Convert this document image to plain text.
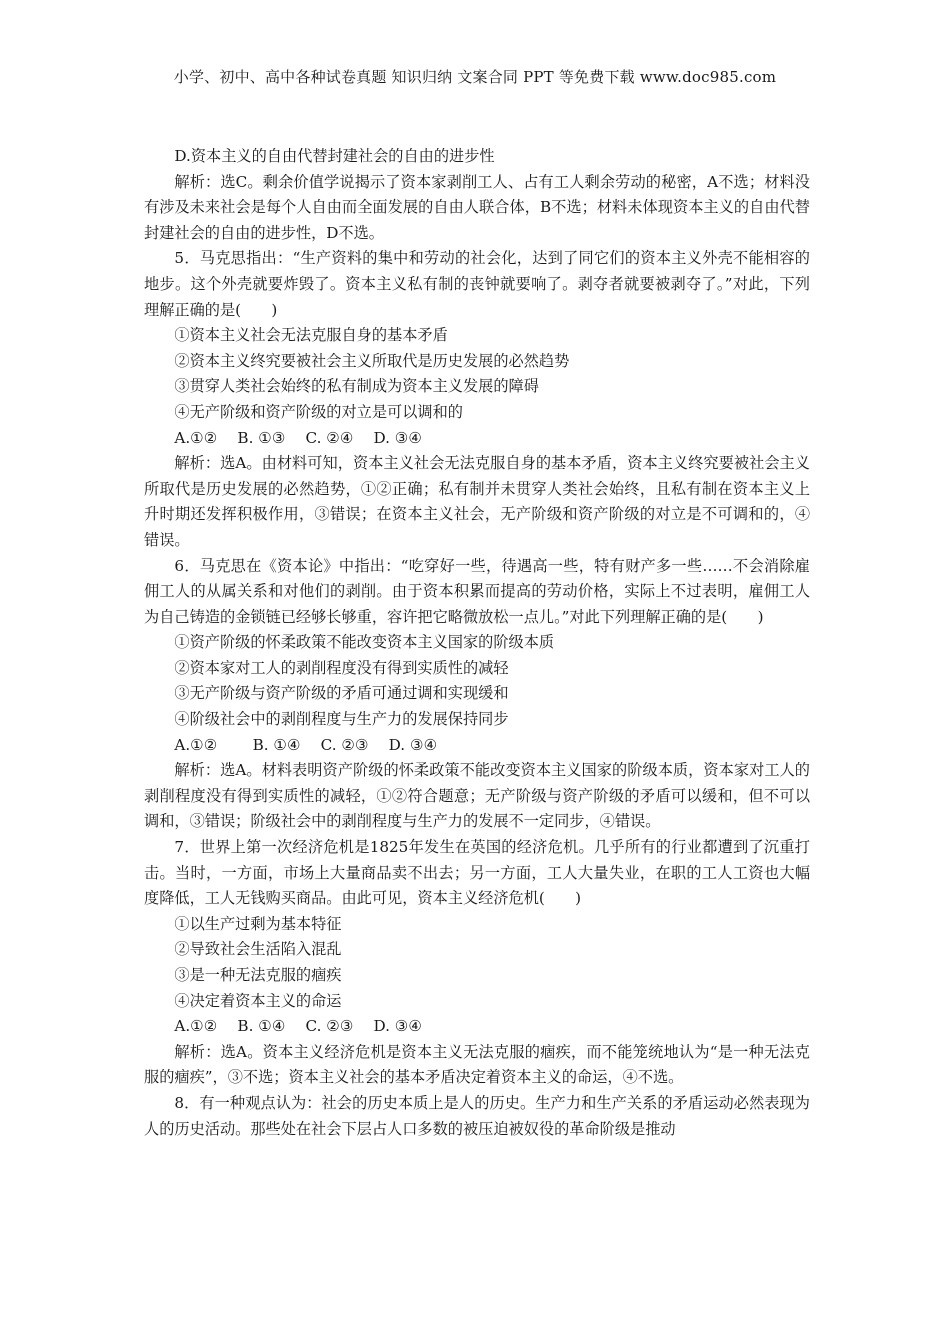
小学、初中、高中各种试卷真题 知识归纳 文案合同 PPT 等免费下载 www.doc985.com

D.资本主义的自由代替封建社会的自由的进步性

解析：选C。剩余价值学说揭示了资本家剥削工人、占有工人剩余劳动的秘密，A不选；材料没有涉及未来社会是每个人自由而全面发展的自由人联合体，B不选；材料未体现资本主义的自由代替封建社会的自由的进步性，D不选。

5．马克思指出：“生产资料的集中和劳动的社会化，达到了同它们的资本主义外壳不能相容的地步。这个外壳就要炸毁了。资本主义私有制的丧钟就要响了。剥夺者就要被剥夺了。”对此，下列理解正确的是(　　)

①资本主义社会无法克服自身的基本矛盾

②资本主义终究要被社会主义所取代是历史发展的必然趋势

③贯穿人类社会始终的私有制成为资本主义发展的障碍

④无产阶级和资产阶级的对立是可以调和的

A.①②　 B. ①③　 C. ②④　 D. ③④

解析：选A。由材料可知，资本主义社会无法克服自身的基本矛盾，资本主义终究要被社会主义所取代是历史发展的必然趋势，①②正确；私有制并未贯穿人类社会始终，且私有制在资本主义上升时期还发挥积极作用，③错误；在资本主义社会，无产阶级和资产阶级的对立是不可调和的，④错误。

6．马克思在《资本论》中指出：“吃穿好一些，待遇高一些，特有财产多一些……不会消除雇佣工人的从属关系和对他们的剥削。由于资本积累而提高的劳动价格，实际上不过表明，雇佣工人为自己铸造的金锁链已经够长够重，容许把它略微放松一点儿。”对此下列理解正确的是(　　)

①资产阶级的怀柔政策不能改变资本主义国家的阶级本质

②资本家对工人的剥削程度没有得到实质性的减轻

③无产阶级与资产阶级的矛盾可通过调和实现缓和

④阶级社会中的剥削程度与生产力的发展保持同步

A.①②　　 B. ①④　 C. ②③　 D. ③④

解析：选A。材料表明资产阶级的怀柔政策不能改变资本主义国家的阶级本质，资本家对工人的剥削程度没有得到实质性的减轻，①②符合题意；无产阶级与资产阶级的矛盾可以缓和，但不可以调和，③错误；阶级社会中的剥削程度与生产力的发展不一定同步，④错误。

7．世界上第一次经济危机是1825年发生在英国的经济危机。几乎所有的行业都遭到了沉重打击。当时，一方面，市场上大量商品卖不出去；另一方面，工人大量失业，在职的工人工资也大幅度降低，工人无钱购买商品。由此可见，资本主义经济危机(　　)

①以生产过剩为基本特征

②导致社会生活陷入混乱

③是一种无法克服的痼疾

④决定着资本主义的命运

A.①②　 B. ①④　 C. ②③　 D. ③④

解析：选A。资本主义经济危机是资本主义无法克服的痼疾，而不能笼统地认为“是一种无法克服的痼疾”，③不选；资本主义社会的基本矛盾决定着资本主义的命运，④不选。

8．有一种观点认为：社会的历史本质上是人的历史。生产力和生产关系的矛盾运动必然表现为人的历史活动。那些处在社会下层占人口多数的被压迫被奴役的革命阶级是推动
